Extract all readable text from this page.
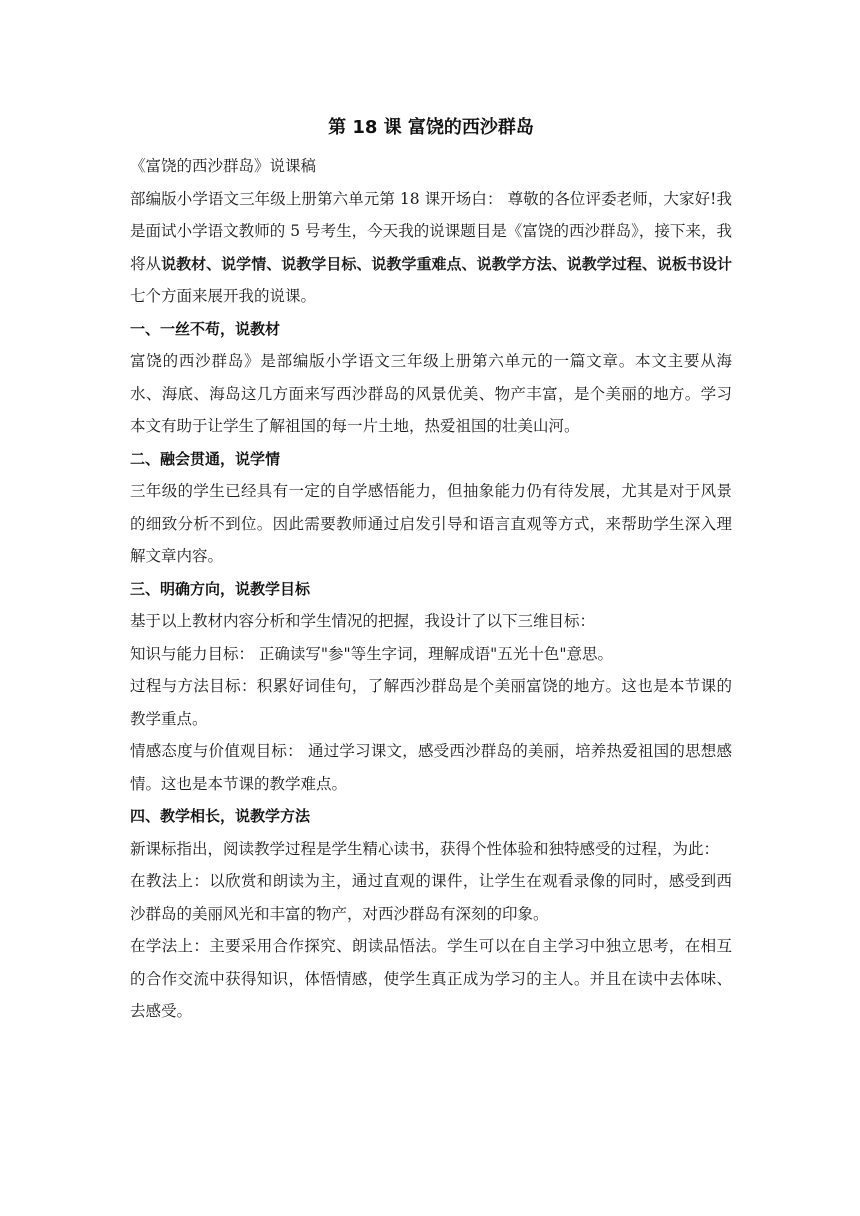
第 18 课 富饶的西沙群岛

《富饶的西沙群岛》说课稿

部编版小学语文三年级上册第六单元第 18 课开场白： 尊敬的各位评委老师，大家好!我是面试小学语文教师的 5 号考生，今天我的说课题目是《富饶的西沙群岛》，接下来，我将从说教材、说学情、说教学目标、说教学重难点、说教学方法、说教学过程、说板书设计七个方面来展开我的说课。

一、一丝不苟，说教材

富饶的西沙群岛》是部编版小学语文三年级上册第六单元的一篇文章。本文主要从海水、海底、海岛这几方面来写西沙群岛的风景优美、物产丰富，是个美丽的地方。学习本文有助于让学生了解祖国的每一片土地，热爱祖国的壮美山河。

二、融会贯通，说学情

三年级的学生已经具有一定的自学感悟能力，但抽象能力仍有待发展，尤其是对于风景的细致分析不到位。因此需要教师通过启发引导和语言直观等方式，来帮助学生深入理解文章内容。

三、明确方向，说教学目标

基于以上教材内容分析和学生情况的把握，我设计了以下三维目标：

知识与能力目标： 正确读写"参"等生字词，理解成语"五光十色"意思。

过程与方法目标：积累好词佳句，了解西沙群岛是个美丽富饶的地方。这也是本节课的教学重点。

情感态度与价值观目标： 通过学习课文，感受西沙群岛的美丽，培养热爱祖国的思想感情。这也是本节课的教学难点。

四、教学相长，说教学方法

新课标指出，阅读教学过程是学生精心读书，获得个性体验和独特感受的过程，为此：

在教法上：以欣赏和朗读为主，通过直观的课件，让学生在观看录像的同时，感受到西沙群岛的美丽风光和丰富的物产，对西沙群岛有深刻的印象。

在学法上：主要采用合作探究、朗读品悟法。学生可以在自主学习中独立思考，在相互的合作交流中获得知识，体悟情感，使学生真正成为学习的主人。并且在读中去体味、去感受。
